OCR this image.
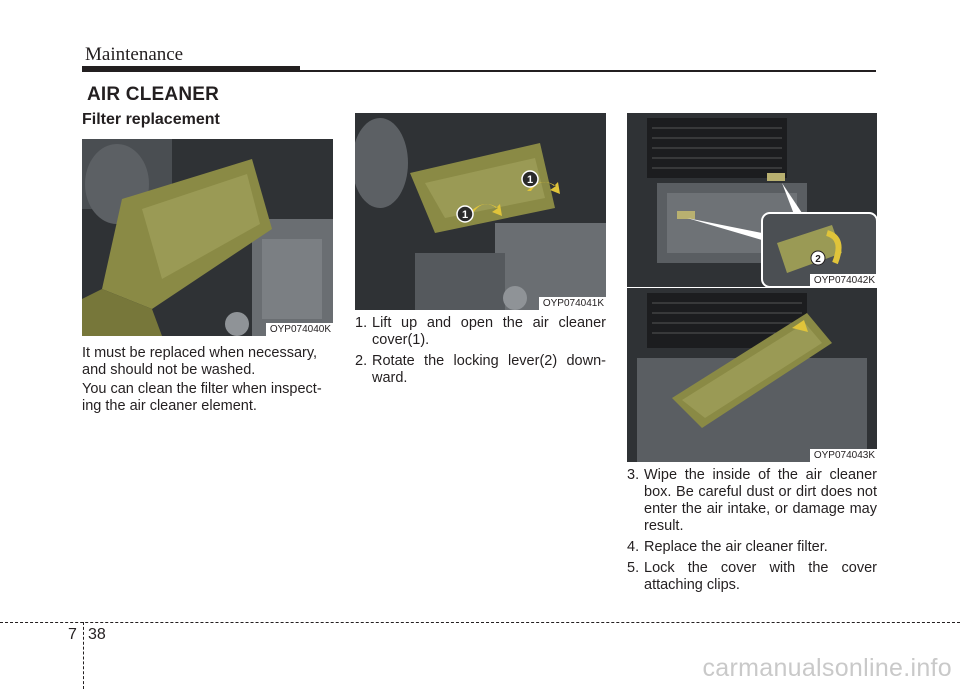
Maintenance
AIR CLEANER
Filter replacement
OYP074040K
1
1
OYP074041K
2
OYP074042K
OYP074043K

It must be replaced when necessary, and should not be washed.

You can clean the filter when inspect-ing the air cleaner element.

1. Lift up and open the air cleaner cover(1).
2. Rotate the locking lever(2) down-ward.
3. Wipe the inside of the air cleaner box. Be careful dust or dirt does not enter the air intake, or damage may result.
4. Replace the air cleaner filter.
5. Lock the cover with the cover attaching clips.
7 38
carmanualsonline.info
